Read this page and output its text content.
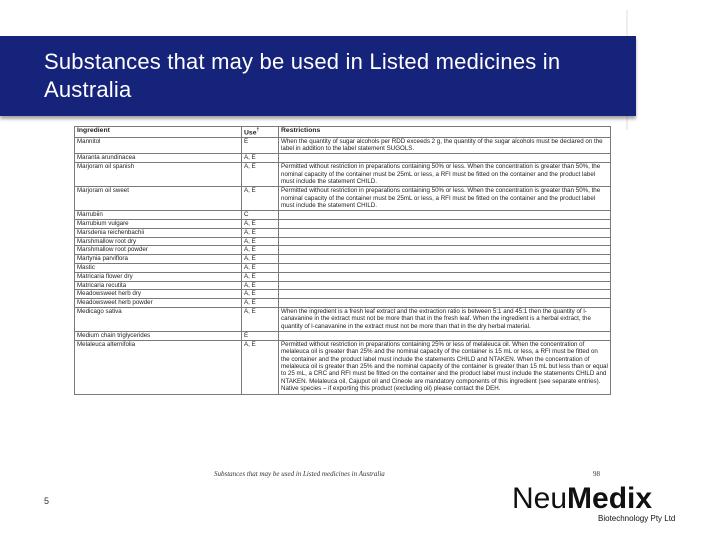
Substances that may be used in Listed medicines in Australia
Ingredient	Use†	Restrictions
Mannitol	E	When the quantity of sugar alcohols per RDD exceeds 2 g, the quantity of the sugar alcohols must be declared on the label in addition to the label statement SUGOLS.
Maranta arundinacea	A, E	
Marjoram oil spanish	A, E	Permitted without restriction in preparations containing 50% or less. When the concentration is greater than 50%, the nominal capacity of the container must be 25mL or less, a RFI must be fitted on the container and the product label must include the statement CHILD.
Marjoram oil sweet	A, E	Permitted without restriction in preparations containing 50% or less. When the concentration is greater than 50%, the nominal capacity of the container must be 25mL or less, a RFI must be fitted on the container and the product label must include the statement CHILD.
Marrubiin	C	
Marrubium vulgare	A, E	
Marsdenia reichenbachii	A, E	
Marshmallow root dry	A, E	
Marshmallow root powder	A, E	
Martynia parviflora	A, E	
Mastic	A, E	
Matricaria flower dry	A, E	
Matricaria recutita	A, E	
Meadowsweet herb dry	A, E	
Meadowsweet herb powder	A, E	
Medicago sativa	A, E	When the ingredient is a fresh leaf extract and the extraction ratio is between 5:1 and 45:1 then the quantity of l-canavanine in the extract must not be more than that in the fresh leaf. When the ingredient is a herbal extract, the quantity of l-canavanine in the extract must not be more than that in the dry herbal material.
Medium chain triglycerides	E	
Melaleuca alternifolia	A, E	Permitted without restriction in preparations containing 25% or less of melaleuca oil. When the concentration of melaleuca oil is greater than 25% and the nominal capacity of the container is 15 mL or less, a RFI must be fitted on the container and the product label must include the statements CHILD and NTAKEN. When the concentration of melaleuca oil is greater than 25% and the nominal capacity of the container is greater than 15 mL but less than or equal to 25 mL, a CRC and RFI must be fitted on the container and the product label must include the statements CHILD and NTAKEN. Melaleuca oil, Cajuput oil and Cineole are mandatory components of this ingredient (see separate entries). Native species – if exporting this product (excluding oil) please contact the DEH.
Substances that may be used in Listed medicines in Australia	98
5	NeuMedix
Biotechnology Pty Ltd
